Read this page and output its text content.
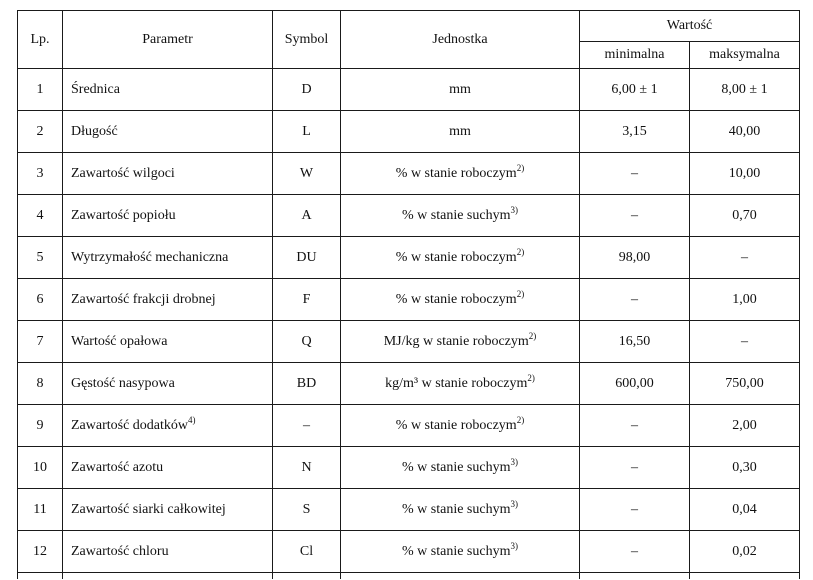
Lp.	Parametr	Symbol	Jednostka	Wartość	
				minimalna	maksymalna
1	Średnica	D	mm	6,00 ± 1	8,00 ± 1
2	Długość	L	mm	3,15	40,00
3	Zawartość wilgoci	W	% w stanie roboczym$^{2)}$	–	10,00
4	Zawartość popiołu	A	% w stanie suchym$^{3)}$	–	0,70
5	Wytrzymałość mechaniczna	DU	% w stanie roboczym$^{2)}$	98,00	–
6	Zawartość frakcji drobnej	F	% w stanie roboczym$^{2)}$	–	1,00
7	Wartość opałowa	Q	MJ/kg w stanie roboczym$^{2)}$	16,50	–
8	Gęstość nasypowa	BD	kg/m³ w stanie roboczym$^{2)}$	600,00	750,00
9	Zawartość dodatków$^{4)}$	–	% w stanie roboczym$^{2)}$	–	2,00
10	Zawartość azotu	N	% w stanie suchym$^{3)}$	–	0,30
11	Zawartość siarki całkowitej	S	% w stanie suchym$^{3)}$	–	0,04
12	Zawartość chloru	Cl	% w stanie suchym$^{3)}$	–	0,02
